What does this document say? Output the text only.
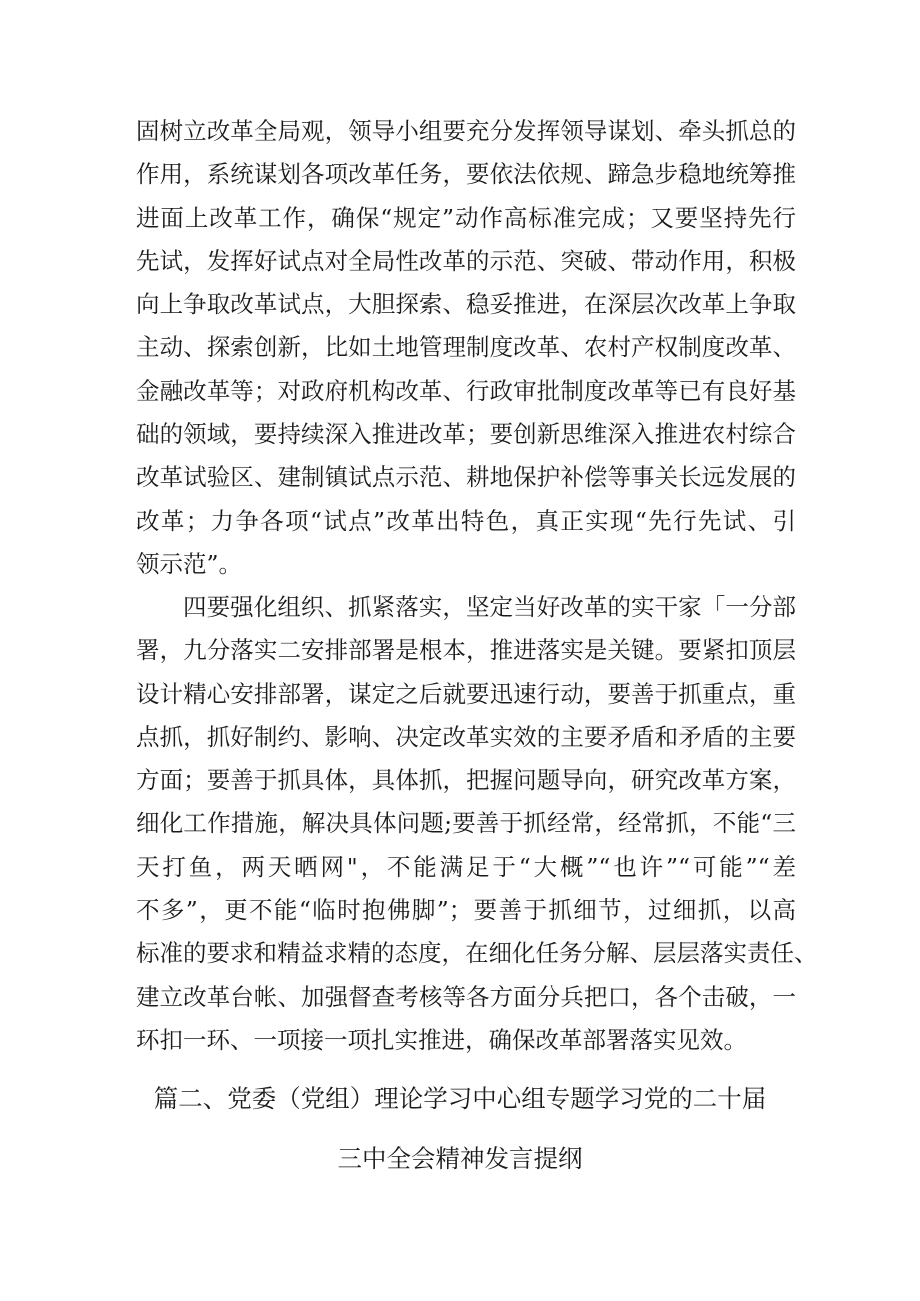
固树立改革全局观，领导小组要充分发挥领导谋划、牵头抓总的
作用，系统谋划各项改革任务，要依法依规、蹄急步稳地统筹推
进面上改革工作，确保“规定”动作高标准完成；又要坚持先行
先试，发挥好试点对全局性改革的示范、突破、带动作用，积极
向上争取改革试点，大胆探索、稳妥推进，在深层次改革上争取
主动、探索创新，比如土地管理制度改革、农村产权制度改革、
金融改革等；对政府机构改革、行政审批制度改革等已有良好基
础的领域，要持续深入推进改革；要创新思维深入推进农村综合
改革试验区、建制镇试点示范、耕地保护补偿等事关长远发展的
改革；力争各项“试点”改革出特色，真正实现“先行先试、引
领示范”。
四要强化组织、抓紧落实，坚定当好改革的实干家「一分部
署，九分落实二安排部署是根本，推进落实是关键。要紧扣顶层
设计精心安排部署，谋定之后就要迅速行动，要善于抓重点，重
点抓，抓好制约、影响、决定改革实效的主要矛盾和矛盾的主要
方面；要善于抓具体，具体抓，把握问题导向，研究改革方案，
细化工作措施，解决具体问题;要善于抓经常，经常抓，不能“三
天打鱼，两天晒网"，不能满足于“大概”“也许”“可能”“差
不多”，更不能“临时抱佛脚”；要善于抓细节，过细抓，以高
标准的要求和精益求精的态度，在细化任务分解、层层落实责任、
建立改革台帐、加强督查考核等各方面分兵把口，各个击破，一
环扣一环、一项接一项扎实推进，确保改革部署落实见效。
篇二、党委（党组）理论学习中心组专题学习党的二十届
三中全会精神发言提纲
